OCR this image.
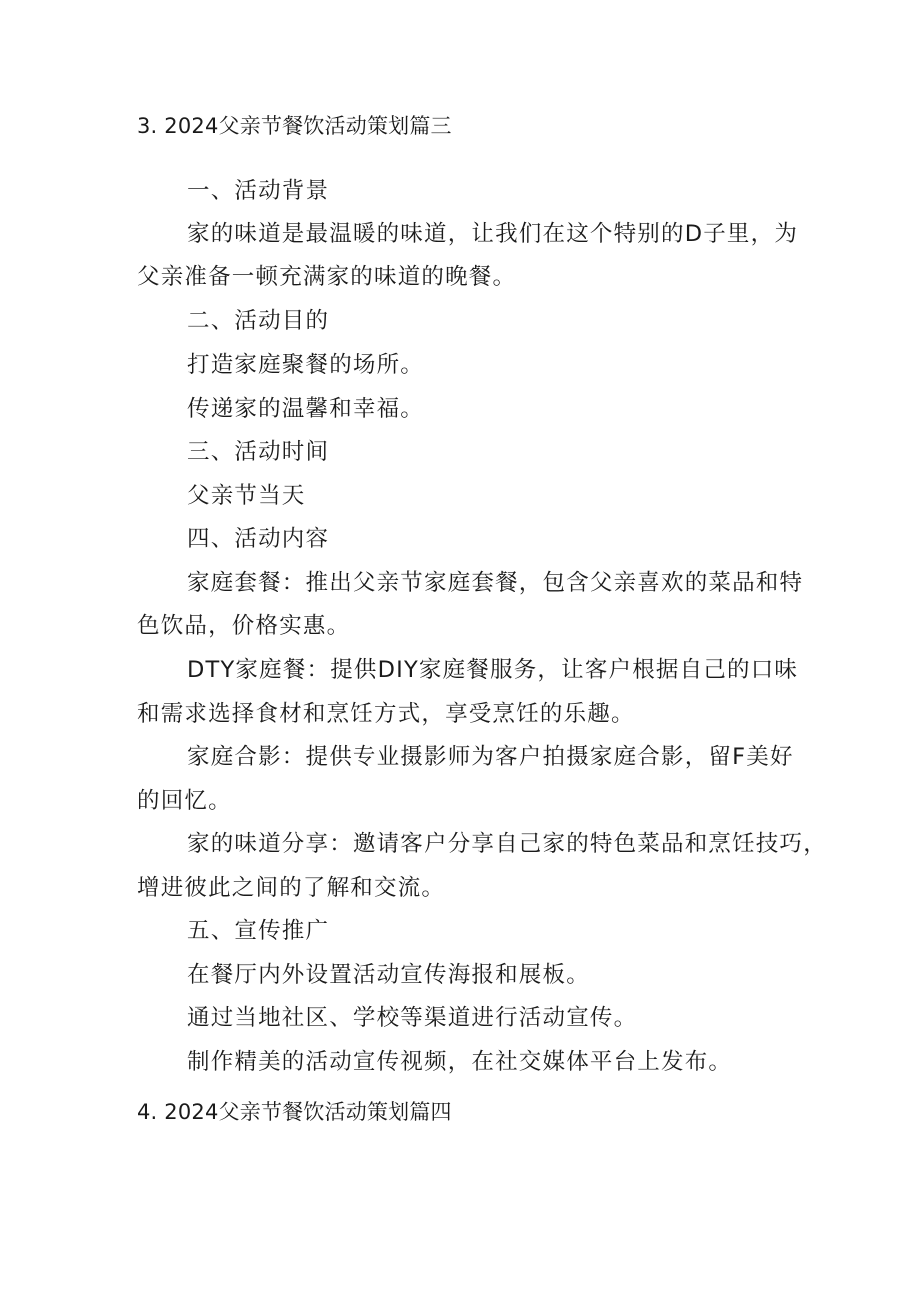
3. 2024父亲节餐饮活动策划篇三
一、活动背景
家的味道是最温暖的味道，让我们在这个特别的D子里，为
父亲准备一顿充满家的味道的晚餐。
二、活动目的
打造家庭聚餐的场所。
传递家的温馨和幸福。
三、活动时间
父亲节当天
四、活动内容
家庭套餐：推出父亲节家庭套餐，包含父亲喜欢的菜品和特
色饮品，价格实惠。
DTY家庭餐：提供DIY家庭餐服务，让客户根据自己的口味
和需求选择食材和烹饪方式，享受烹饪的乐趣。
家庭合影：提供专业摄影师为客户拍摄家庭合影，留F美好
的回忆。
家的味道分享：邀请客户分享自己家的特色菜品和烹饪技巧，
增进彼此之间的了解和交流。
五、宣传推广
在餐厅内外设置活动宣传海报和展板。
通过当地社区、学校等渠道进行活动宣传。
制作精美的活动宣传视频，在社交媒体平台上发布。
4. 2024父亲节餐饮活动策划篇四
